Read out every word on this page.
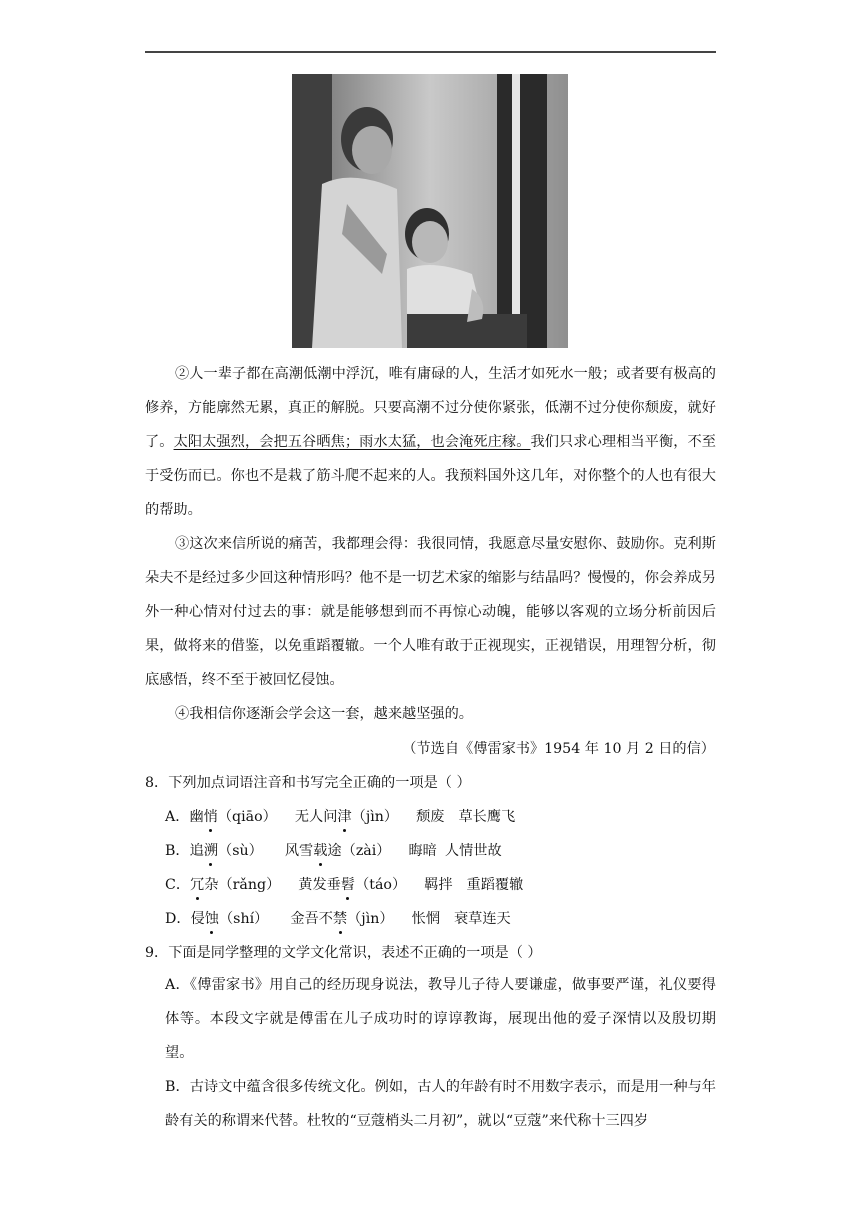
②人一辈子都在高潮低潮中浮沉，唯有庸碌的人，生活才如死水一般；或者要有极高的修养，方能廓然无累，真正的解脱。只要高潮不过分使你紧张，低潮不过分使你颓废，就好了。太阳太强烈，会把五谷晒焦；雨水太猛，也会淹死庄稼。我们只求心理相当平衡，不至于受伤而已。你也不是栽了筋斗爬不起来的人。我预料国外这几年，对你整个的人也有很大的帮助。

③这次来信所说的痛苦，我都理会得：我很同情，我愿意尽量安慰你、鼓励你。克利斯朵夫不是经过多少回这种情形吗？他不是一切艺术家的缩影与结晶吗？慢慢的，你会养成另外一种心情对付过去的事：就是能够想到而不再惊心动魄，能够以客观的立场分析前因后果，做将来的借鉴，以免重蹈覆辙。一个人唯有敢于正视现实，正视错误，用理智分析，彻底感悟，终不至于被回忆侵蚀。

④我相信你逐渐会学会这一套，越来越坚强的。

（节选自《傅雷家书》1954 年 10 月 2 日的信）
8．下列加点词语注音和书写完全正确的一项是（ ）
A．幽悄（qiāo） 无人问津（jìn） 颓废 草长鹰飞
B．追溯（sù） 风雪载途（zài） 晦暗 人情世故
C．冗杂（rǎng） 黄发垂髫（táo） 羁拌 重蹈覆辙
D．侵蚀（shí） 金吾不禁（jìn） 怅惘 衰草连天
9．下面是同学整理的文学文化常识，表述不正确的一项是（ ）

A．《傅雷家书》用自己的经历现身说法，教导儿子待人要谦虚，做事要严谨，礼仪要得体等。本段文字就是傅雷在儿子成功时的谆谆教诲，展现出他的爱子深情以及殷切期望。

B．古诗文中蕴含很多传统文化。例如，古人的年龄有时不用数字表示，而是用一种与年龄有关的称谓来代替。杜牧的“豆蔻梢头二月初”，就以“豆蔻”来代称十三四岁
